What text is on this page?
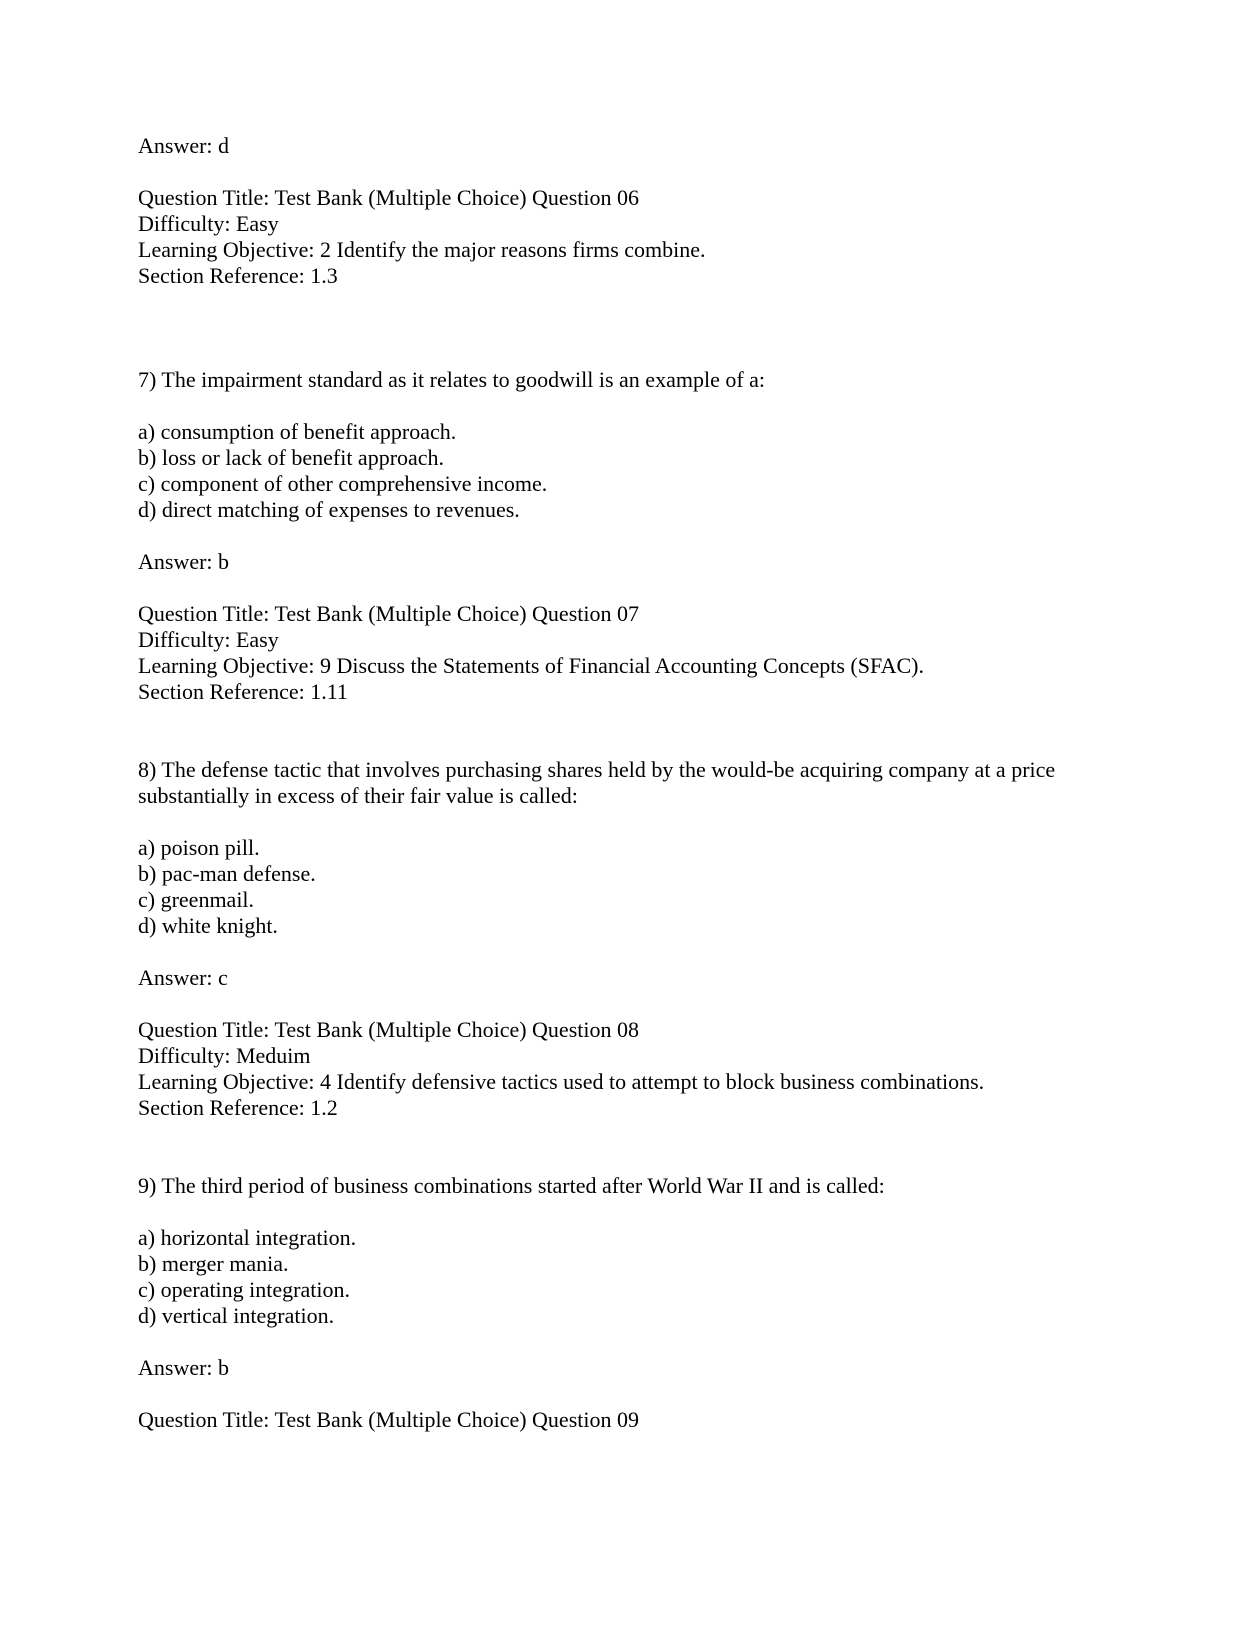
Answer: d
Question Title: Test Bank (Multiple Choice) Question 06
Difficulty: Easy
Learning Objective: 2 Identify the major reasons firms combine.
Section Reference: 1.3
7) The impairment standard as it relates to goodwill is an example of a:
a) consumption of benefit approach.
b) loss or lack of benefit approach.
c) component of other comprehensive income.
d) direct matching of expenses to revenues.
Answer: b
Question Title: Test Bank (Multiple Choice) Question 07
Difficulty: Easy
Learning Objective: 9 Discuss the Statements of Financial Accounting Concepts (SFAC).
Section Reference: 1.11
8) The defense tactic that involves purchasing shares held by the would-be acquiring company at a price
substantially in excess of their fair value is called:
a) poison pill.
b) pac-man defense.
c) greenmail.
d) white knight.
Answer: c
Question Title: Test Bank (Multiple Choice) Question 08
Difficulty: Meduim
Learning Objective: 4 Identify defensive tactics used to attempt to block business combinations.
Section Reference: 1.2
9) The third period of business combinations started after World War II and is called:
a) horizontal integration.
b) merger mania.
c) operating integration.
d) vertical integration.
Answer: b
Question Title: Test Bank (Multiple Choice) Question 09
